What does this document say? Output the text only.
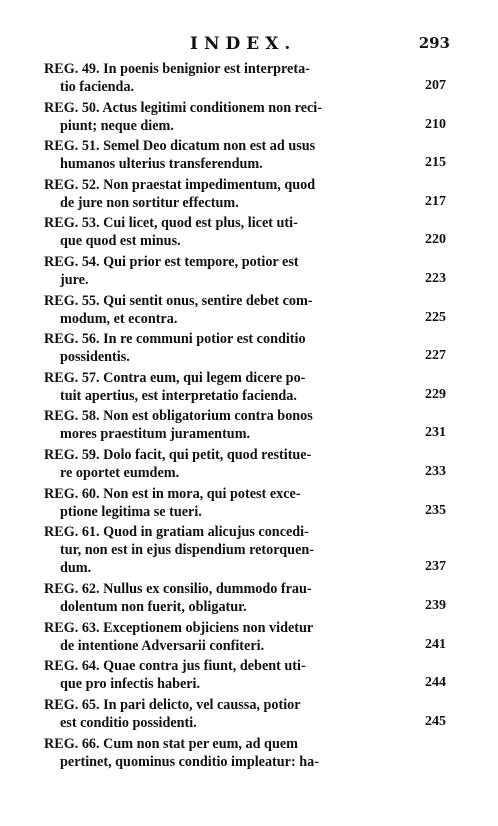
INDEX.	293
REG. 49. In poenis benignior est interpreta-
tio facienda.	207
REG. 50. Actus legitimi conditionem non reci-
piunt; neque diem.	210
REG. 51. Semel Deo dicatum non est ad usus
humanos ulterius transferendum.	215
REG. 52. Non praestat impedimentum, quod
de jure non sortitur effectum.	217
REG. 53. Cui licet, quod est plus, licet uti-
que quod est minus.	220
REG. 54. Qui prior est tempore, potior est
jure.	223
REG. 55. Qui sentit onus, sentire debet com-
modum, et econtra.	225
REG. 56. In re communi potior est conditio
possidentis.	227
REG. 57. Contra eum, qui legem dicere po-
tuit apertius, est interpretatio facienda.	229
REG. 58. Non est obligatorium contra bonos
mores praestitum juramentum.	231
REG. 59. Dolo facit, qui petit, quod restitue-
re oportet eumdem.	233
REG. 60. Non est in mora, qui potest exce-
ptione legitima se tueri.	235
REG. 61. Quod in gratiam alicujus concedi-
tur, non est in ejus dispendium retorquen-
dum.	237
REG. 62. Nullus ex consilio, dummodo frau-
dolentum non fuerit, obligatur.	239
REG. 63. Exceptionem objiciens non videtur
de intentione Adversarii confiteri.	241
REG. 64. Quae contra jus fiunt, debent uti-
que pro infectis haberi.	244
REG. 65. In pari delicto, vel caussa, potior
est conditio possidenti.	245
REG. 66. Cum non stat per eum, ad quem
pertinet, quominus conditio impleatur: ha-
